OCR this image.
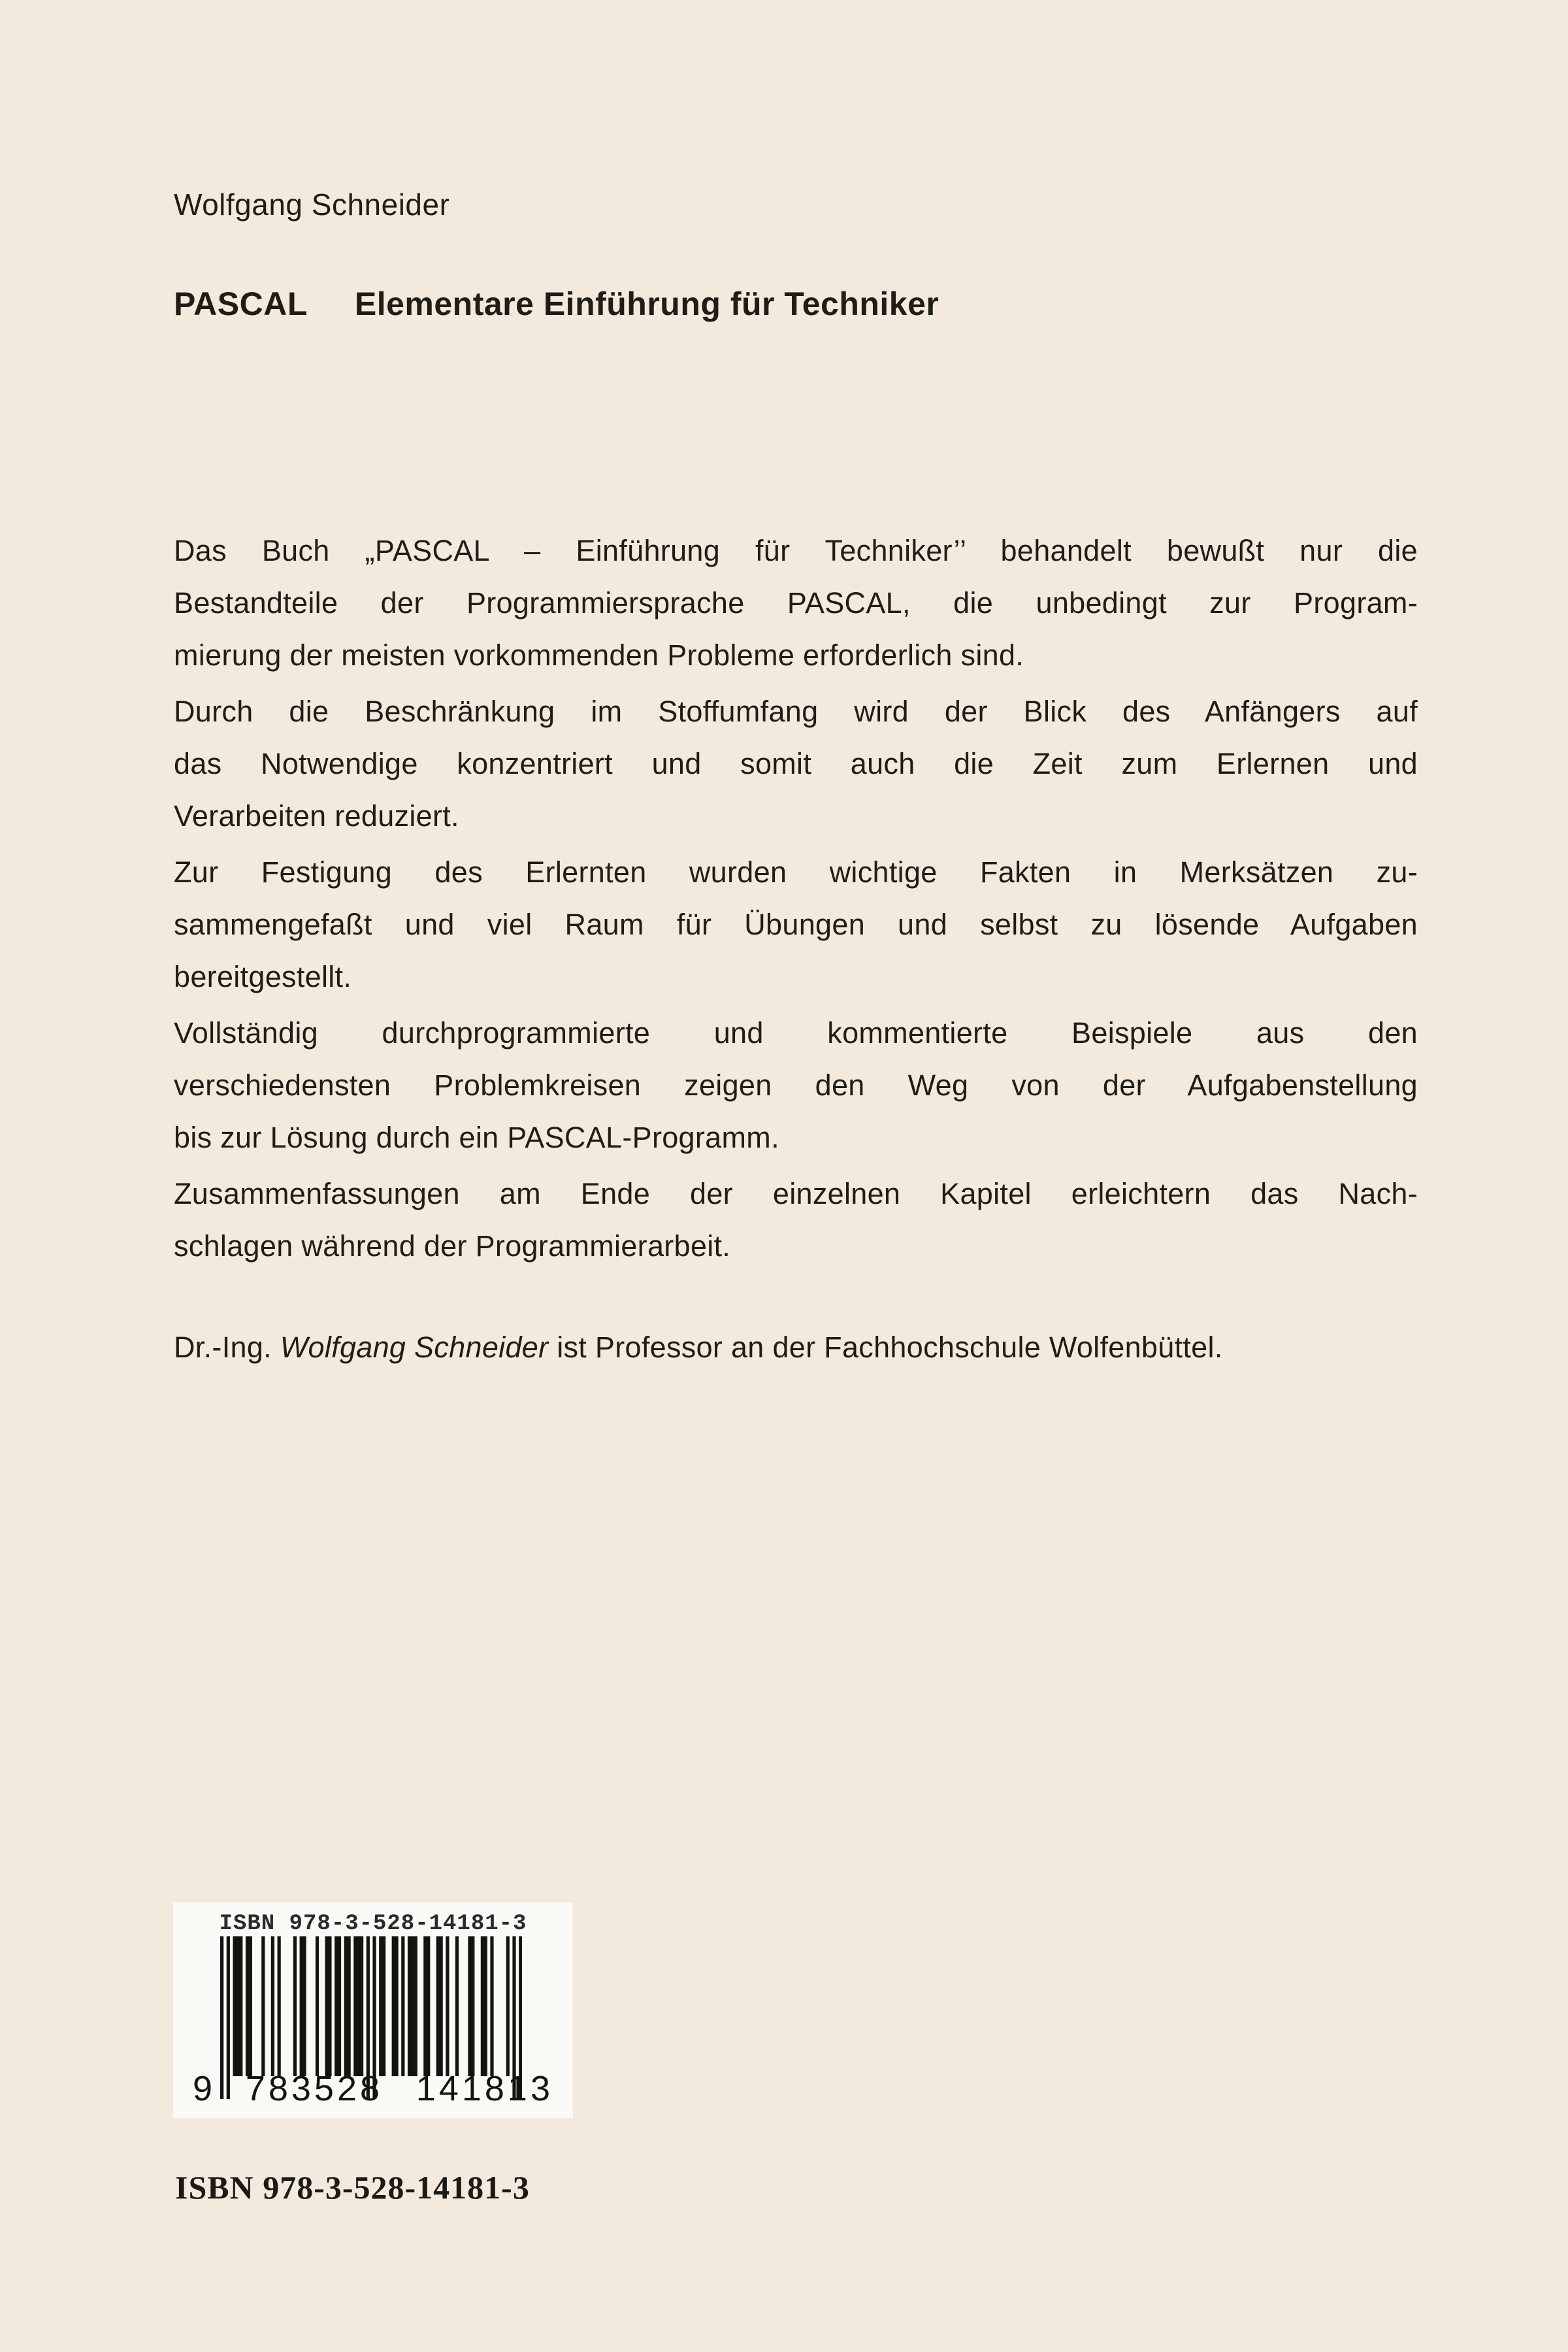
Wolfgang Schneider
PASCAL Elementare Einführung für Techniker
Das Buch „PASCAL – Einführung für Techniker’’ behandelt bewußt nur die
Bestandteile der Programmiersprache PASCAL, die unbedingt zur Program-
mierung der meisten vorkommenden Probleme erforderlich sind.
Durch die Beschränkung im Stoffumfang wird der Blick des Anfängers auf
das Notwendige konzentriert und somit auch die Zeit zum Erlernen und
Verarbeiten reduziert.
Zur Festigung des Erlernten wurden wichtige Fakten in Merksätzen zu-
sammengefaßt und viel Raum für Übungen und selbst zu lösende Aufgaben
bereitgestellt.
Vollständig durchprogrammierte und kommentierte Beispiele aus den
verschiedensten Problemkreisen zeigen den Weg von der Aufgabenstellung
bis zur Lösung durch ein PASCAL-Programm.
Zusammenfassungen am Ende der einzelnen Kapitel erleichtern das Nach-
schlagen während der Programmierarbeit.
Dr.-Ing. Wolfgang Schneider ist Professor an der Fachhochschule Wolfenbüttel.
ISBN 978-3-528-14181-3
9 783528 141813
ISBN 978-3-528-14181-3
